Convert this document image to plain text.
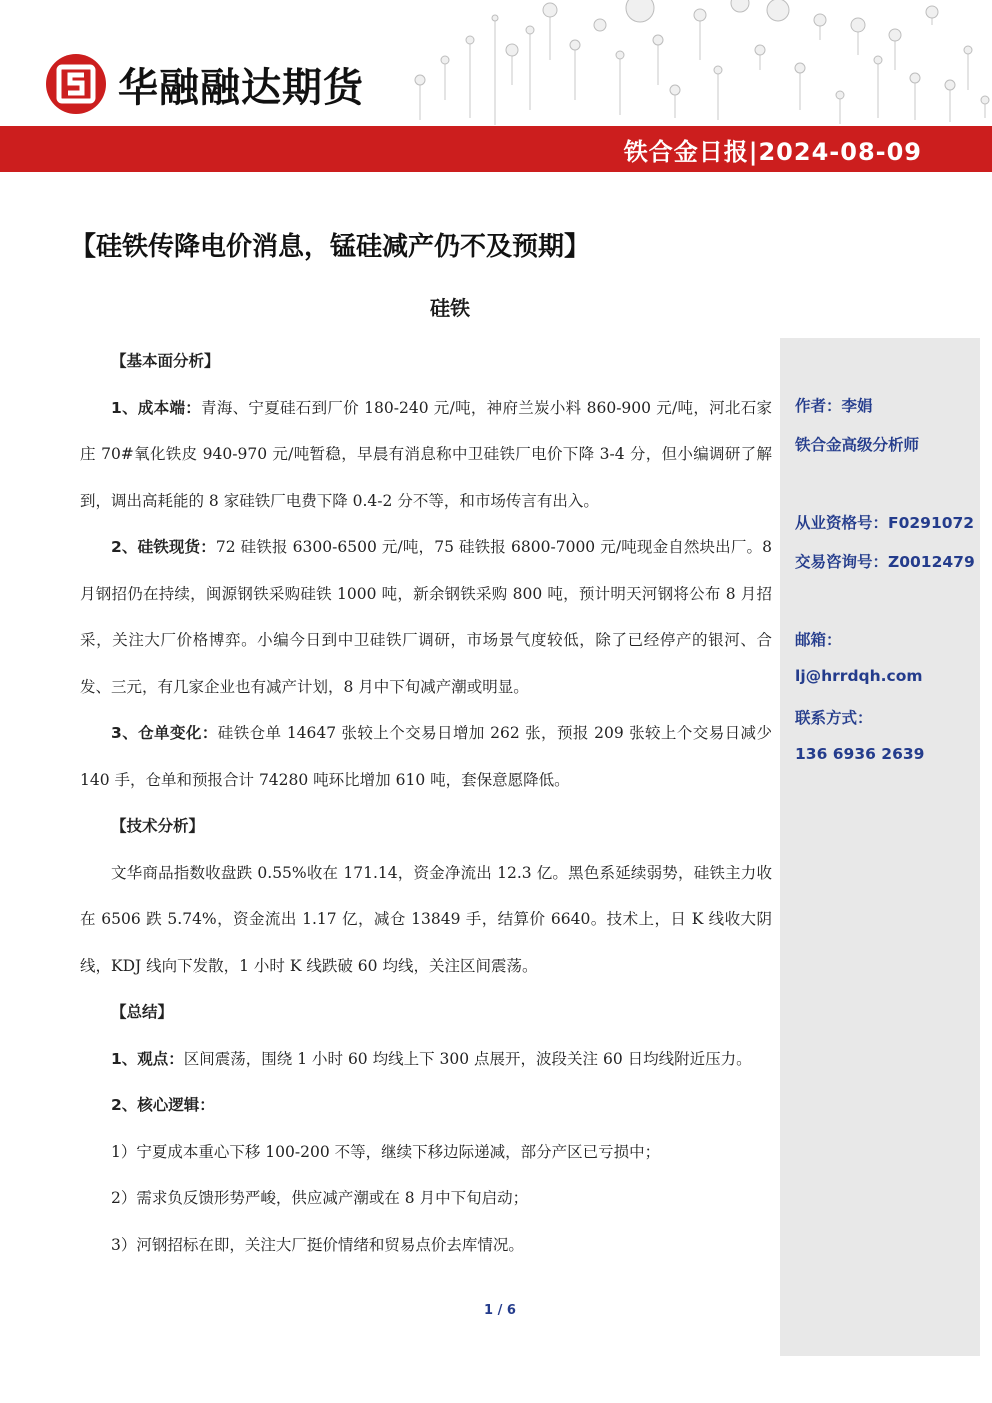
华融融达期货
铁合金日报|2024-08-09
【硅铁传降电价消息，锰硅减产仍不及预期】
硅铁

【基本面分析】

1、成本端：青海、宁夏硅石到厂价 180-240 元/吨，神府兰炭小料 860-900 元/吨，河北石家庄 70#氧化铁皮 940-970 元/吨暂稳，早晨有消息称中卫硅铁厂电价下降 3-4 分，但小编调研了解到，调出高耗能的 8 家硅铁厂电费下降 0.4-2 分不等，和市场传言有出入。

2、硅铁现货：72 硅铁报 6300-6500 元/吨，75 硅铁报 6800-7000 元/吨现金自然块出厂。8 月钢招仍在持续，闽源钢铁采购硅铁 1000 吨，新余钢铁采购 800 吨，预计明天河钢将公布 8 月招采，关注大厂价格博弈。小编今日到中卫硅铁厂调研，市场景气度较低，除了已经停产的银河、合发、三元，有几家企业也有减产计划，8 月中下旬减产潮或明显。

3、仓单变化：硅铁仓单 14647 张较上个交易日增加 262 张，预报 209 张较上个交易日减少 140 手，仓单和预报合计 74280 吨环比增加 610 吨，套保意愿降低。

【技术分析】

文华商品指数收盘跌 0.55%收在 171.14，资金净流出 12.3 亿。黑色系延续弱势，硅铁主力收在 6506 跌 5.74%，资金流出 1.17 亿，减仓 13849 手，结算价 6640。技术上，日 K 线收大阴线，KDJ 线向下发散，1 小时 K 线跌破 60 均线，关注区间震荡。

【总结】

1、观点：区间震荡，围绕 1 小时 60 均线上下 300 点展开，波段关注 60 日均线附近压力。

2、核心逻辑：

1）宁夏成本重心下移 100-200 不等，继续下移边际递减，部分产区已亏损中；

2）需求负反馈形势严峻，供应减产潮或在 8 月中下旬启动；

3）河钢招标在即，关注大厂挺价情绪和贸易点价去库情况。

作者：李娟
铁合金高级分析师
从业资格号：F0291072
交易咨询号：Z0012479
邮箱：
lj@hrrdqh.com
联系方式：
136 6936 2639
1 / 6
